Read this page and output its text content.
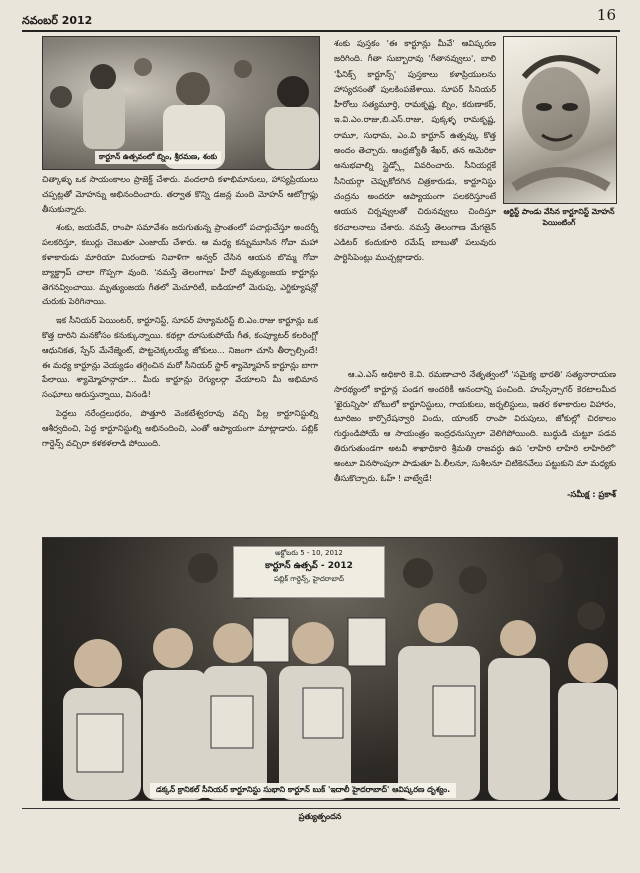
నవంబర్ 2012	16
కార్టూన్ ఉత్సవంలో బ్నిం, శ్రీరమణ, శంకు
ఆర్టిస్ట్ పాండు వేసిన కార్టూనిస్ట్ మోహన్ పెయింటింగ్

చిత్కాళ్ళు ఒక సాయంకాలం ప్రాజెక్ట్ చేశారు. వందలాది కళాభిమానులు, హాస్యప్రియులు చప్పట్లతో మోహన్ను అభినందించారు. తర్వాత కొన్ని డజన్ల మంది మోహన్ ఆటోగ్రాఫ్లు తీసుకున్నారు.

శంకు, జయదేవ్, రాంపా సమావేశం జరుగుతున్న ప్రాంతంలో పచార్లుచేస్తూ అందర్నీ పలకరిస్తూ, కబుర్లు చెబుతూ ఎంజాయ్ చేశారు. ఆ మధ్య కన్నుమూసిన గోవా మహా కళాకారుడు మారియా మిరందాకు నివాళిగా అన్వర్ చేసిన ఆయన బొమ్మ గోవా బ్యాక్డ్రాప్ చాలా గొప్పగా వుంది. 'నమస్తే తెలంగాణ' హీరో మృత్యుంజయ కార్టూన్లు తెగనవ్వించాయి. మృత్యుంజయ గీతలో మెచూరిటీ, ఐడియాలో మెరుపు, ఎగ్జిక్యూషన్లో చురుకు పెరిగినాయి.

ఇక సీనియర్ పెయింటర్, కార్టూనిస్ట్, సూపర్ హ్యూమరిస్ట్ బి.ఎం.రాజు కార్టూన్లు ఒక కొత్త దారిని మనకోసం కనుక్కున్నాయి. కథల్లా దూసుకుపోయే గీత, కంప్యూటర్ కలరింగ్లో ఆధునికత, స్పేస్ మేనేజ్మెంట్, పొట్టచెక్కలయ్యే జోకులు... నిజంగా చూసి తీర్చాల్సిందే! ఈ మధ్య కార్టూన్లు వెయ్యడం తగ్గించిన మరో సీనియర్ స్టార్ శ్యామ్మోహన్ కార్టూన్లు బాగా పేలాయి. శ్యామ్మోహన్గారూ... మీరు కార్టూన్లు రెగ్యులర్గా వేయాలని మీ అభిమాన సంఘాలు అరుస్తున్నాయి, వినండి!

పెద్దలు నరేంద్రలుధరం, పొత్తూరి వెంకటేశ్వరరావు వచ్చి పిల్ల కార్టూనిస్టుల్ని ఆశీర్వదించి, పెద్ద కార్టూనిస్టుల్ని అభినందించి, ఎంతో ఆప్యాయంగా మాట్లాడారు. పబ్లిక్ గార్డెన్స్ వచ్చిరా కళకళలాడి పోయింది.

శంకు పుస్తకం 'ఈ కార్టూన్లు మీవే' ఆవిష్కరణ జరిగింది. గీతా సుబ్బారావు 'గీతానవ్వులు', బాలి 'ఫీనిక్స్ కార్టూన్స్' పుస్తకాలు కళాప్రియులను హాస్యరసంతో పులకింపజేశాయి. సూపర్ సీనియర్ హీరోలు సత్యమూర్తి, రామకృష్ణ, బ్నిం, కరుణాకర్, ఇ.వి.ఎం.రాజు,బి.ఎస్.రాజు, పుక్కళ్ళ రామకృష్ణ, రామూ, సుధామ, ఎం.వి కార్టూన్ ఉత్సవ్కు కొత్త అందం తెచ్చారు. ఆంధ్రజ్యోతీ శేఖర్, తన అమెరికా అనుభవాల్ని స్లైడ్స్లో వివరించారు. సీనియర్లకే సీనియర్గా చెప్పుకోదగిన చిత్రకారుడు, కార్టూనిస్టు చంద్రను అందరూ ఆప్యాయంగా పలకరిస్తూంటే ఆయన చిర్నవ్వులతో చిరునవ్వులు చిందిస్తూ కరచాలనాలు చేశారు. నమస్తే తెలంగాణ మేగజైన్ ఎడిటర్ కందుకూరి రమేష్ బాబుతో పలువురు పార్టిసిపెంట్లు ముచ్చట్లాడారు.

ఆ.ఎ.ఎస్ అధికారి కె.వి. రమణాచారి నేతృత్వంలో 'సమైక్య భారతి' సత్యనారాయణ సారథ్యంలో కార్టూన్ల పండగ అందరికీ ఆనందాన్ని పంచింది. హుస్సేన్సాగర్ కెరటాలమీద 'ఖైరున్నిసా' బోటులో కార్టూనిస్టులు, గాయకులు, జర్నలిస్టులు, ఇతర కళాకారుల విహారం, టూరిజం కార్పొరేషన్వారి విందు, యాంకర్ రాంపా విరుపులు, జోకుల్లో చిరకాలం గుర్తుండిపోయే ఆ సాయంత్రం ఇంద్రధనుస్సులా వెలిగిపోయింది. బుద్ధుడి చుట్టూ పడవ తిరుగుతుండగా అటవీ శాఖాధికారి శ్రీమతి రాజవర్ధు ఉప 'లాహిరి లాహిరి లాహిరిలో' అంటూ వినసొంపుగా పాడుతూ పి.లీలనూ, సుశీలనూ చిటికెనవేలు పట్టుకుని మా మధ్యకు తీసుకొచ్చారు. ఓహ్ ! వాట్వేడే!

-సమీక్ష : ప్రకాశ్
అక్టోబరు 5 - 10, 2012
కార్టూన్ ఉత్సవ్ - 2012
పబ్లిక్ గార్డెన్స్, హైదరాబాద్
డక్కన్ క్రానికల్ సీనియర్ కార్టూనిస్టు సుభాని కార్టూన్ బుక్ 'ఇదాలీ హైదరాబాద్' ఆవిష్కరణ దృశ్యం.
ప్రత్యుత్పందన
